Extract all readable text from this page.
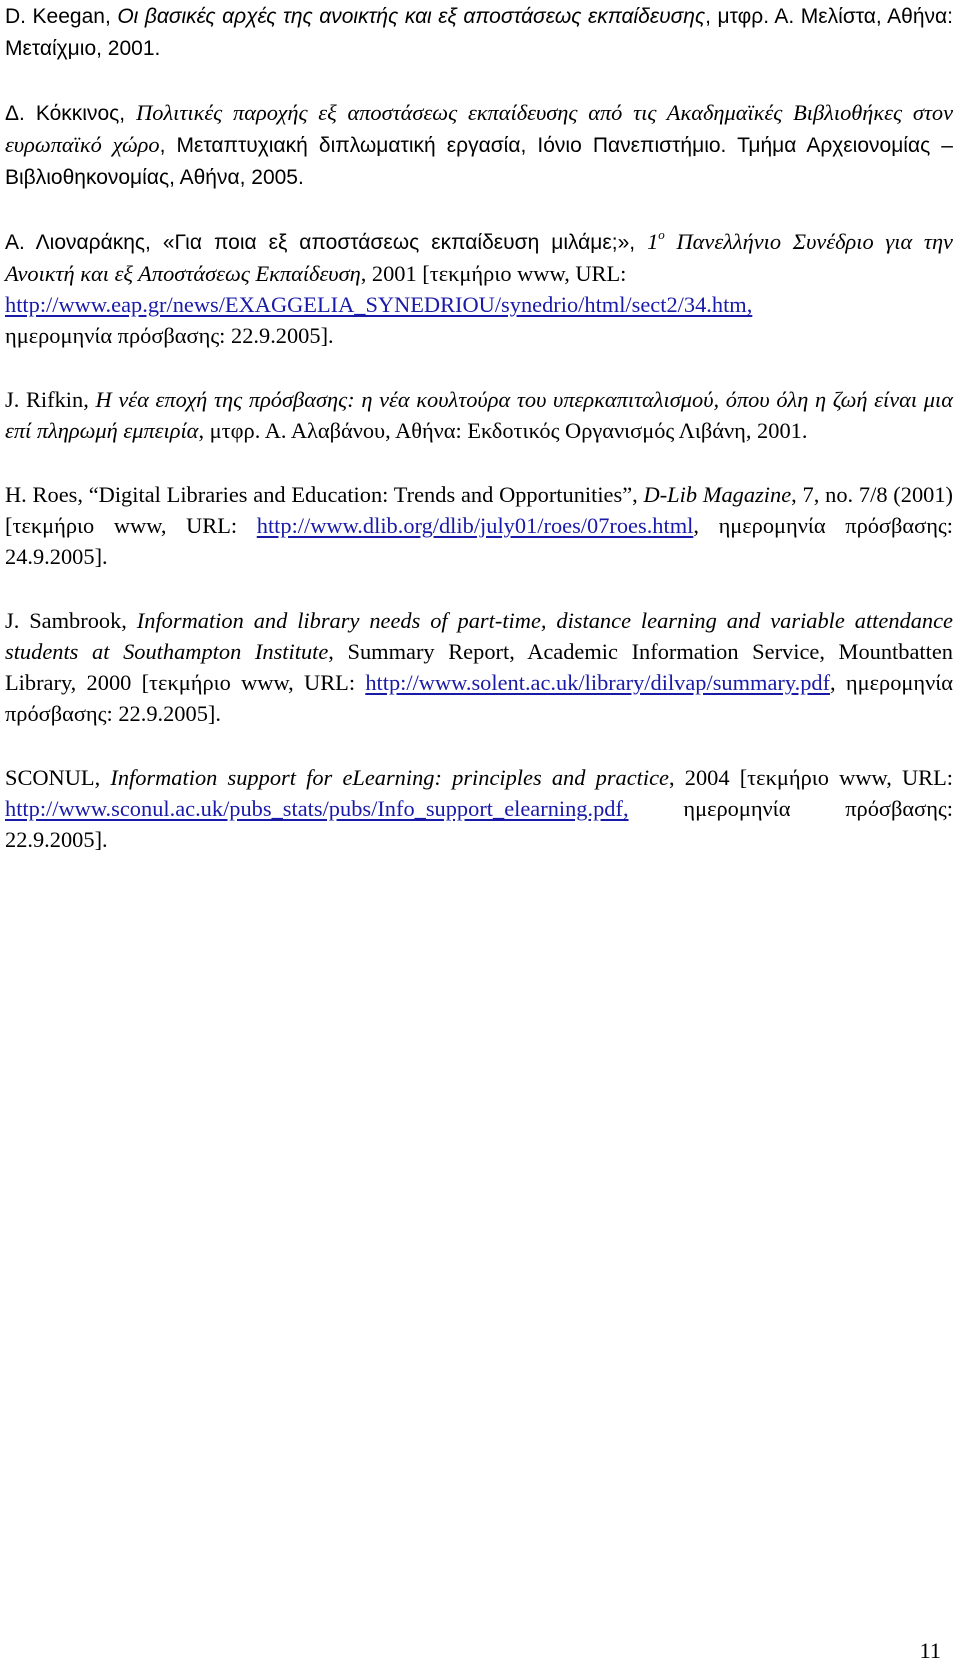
D. Keegan, Οι βασικές αρχές της ανοικτής και εξ αποστάσεως εκπαίδευσης, μτφρ. Α. Μελίστα, Αθήνα: Μεταίχμιο, 2001.

Δ. Κόκκινος, Πολιτικές παροχής εξ αποστάσεως εκπαίδευσης από τις Ακαδημαϊκές Βιβλιοθήκες στον ευρωπαϊκό χώρο, Μεταπτυχιακή διπλωματική εργασία, Ιόνιο Πανεπιστήμιο. Τμήμα Αρχειονομίας – Βιβλιοθηκονομίας, Αθήνα, 2005.

Α. Λιοναράκης, «Για ποια εξ αποστάσεως εκπαίδευση μιλάμε;», $1^o$ Πανελλήνιο Συνέδριο για την Ανοικτή και εξ Αποστάσεως Εκπαίδευση, 2001 [τεκμήριο www, URL:
http://www.eap.gr/news/EXAGGELIA_SYNEDRIOU/synedrio/html/sect2/34.htm,
ημερομηνία πρόσβασης: 22.9.2005].

J. Rifkin, Η νέα εποχή της πρόσβασης: η νέα κουλτούρα του υπερκαπιταλισμού, όπου όλη η ζωή είναι μια επί πληρωμή εμπειρία, μτφρ. Α. Αλαβάνου, Αθήνα: Εκδοτικός Οργανισμός Λιβάνη, 2001.

H. Roes, “Digital Libraries and Education: Trends and Opportunities”, D-Lib Magazine, 7, no. 7/8 (2001) [τεκμήριο www, URL: http://www.dlib.org/dlib/july01/roes/07roes.html, ημερομηνία πρόσβασης: 24.9.2005].

J. Sambrook, Information and library needs of part-time, distance learning and variable attendance students at Southampton Institute, Summary Report, Academic Information Service, Mountbatten Library, 2000 [τεκμήριο www, URL: http://www.solent.ac.uk/library/dilvap/summary.pdf, ημερομηνία πρόσβασης: 22.9.2005].

SCONUL, Information support for eLearning: principles and practice, 2004 [τεκμήριο www, URL: http://www.sconul.ac.uk/pubs_stats/pubs/Info_support_elearning.pdf, ημερομηνία πρόσβασης: 22.9.2005].

11
